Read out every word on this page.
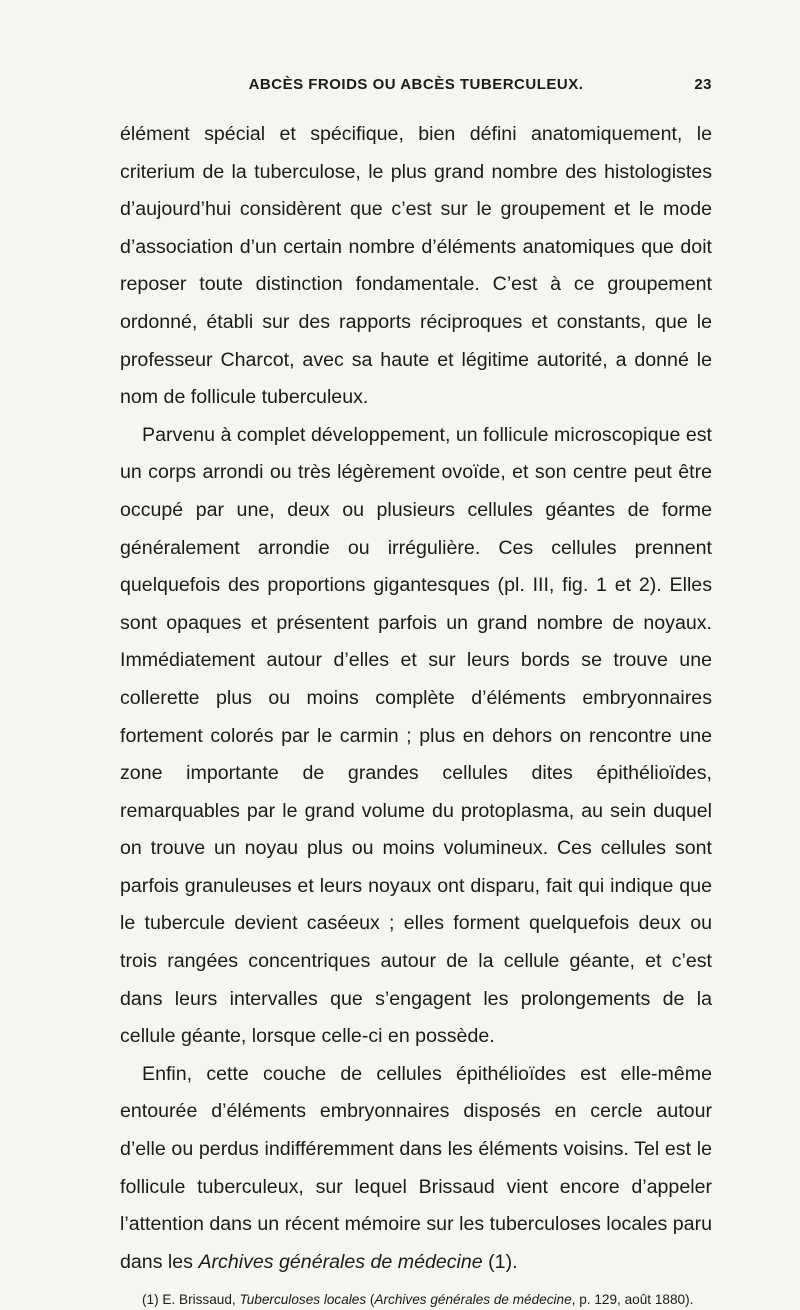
ABCÈS FROIDS OU ABCÈS TUBERCULEUX.	23

élément spécial et spécifique, bien défini anatomiquement, le criterium de la tuberculose, le plus grand nombre des histologistes d’aujourd’hui considèrent que c’est sur le groupement et le mode d’association d’un certain nombre d’éléments anatomiques que doit reposer toute distinction fondamentale. C’est à ce groupement ordonné, établi sur des rapports réciproques et constants, que le professeur Charcot, avec sa haute et légitime autorité, a donné le nom de follicule tuberculeux.

Parvenu à complet développement, un follicule microscopique est un corps arrondi ou très légèrement ovoïde, et son centre peut être occupé par une, deux ou plusieurs cellules géantes de forme généralement arrondie ou irrégulière. Ces cellules prennent quelquefois des proportions gigantesques (pl. III, fig. 1 et 2). Elles sont opaques et présentent parfois un grand nombre de noyaux. Immédiatement autour d’elles et sur leurs bords se trouve une collerette plus ou moins complète d’éléments embryonnaires fortement colorés par le carmin ; plus en dehors on rencontre une zone importante de grandes cellules dites épithélioïdes, remarquables par le grand volume du protoplasma, au sein duquel on trouve un noyau plus ou moins volumineux. Ces cellules sont parfois granuleuses et leurs noyaux ont disparu, fait qui indique que le tubercule devient caséeux ; elles forment quelquefois deux ou trois rangées concentriques autour de la cellule géante, et c’est dans leurs intervalles que s’engagent les prolongements de la cellule géante, lorsque celle-ci en possède.

Enfin, cette couche de cellules épithélioïdes est elle-même entourée d’éléments embryonnaires disposés en cercle autour d’elle ou perdus indifféremment dans les éléments voisins. Tel est le follicule tuberculeux, sur lequel Brissaud vient encore d’appeler l’attention dans un récent mémoire sur les tuberculoses locales paru dans les Archives générales de médecine (1).

(1) E. Brissaud, Tuberculoses locales (Archives générales de médecine, p. 129, août 1880).
